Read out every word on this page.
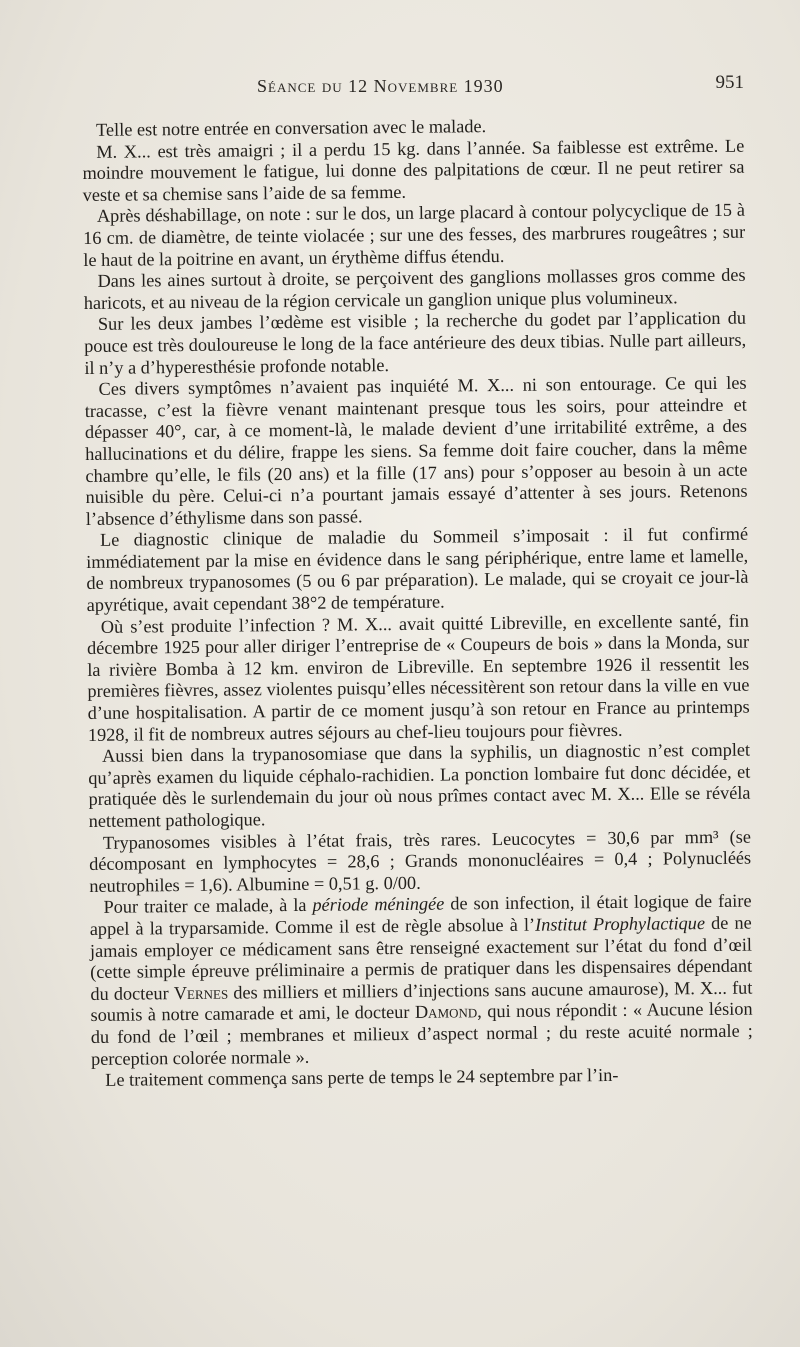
Séance du 12 Novembre 1930	951

Telle est notre entrée en conversation avec le malade.

M. X... est très amaigri ; il a perdu 15 kg. dans l’année. Sa faiblesse est extrême. Le moindre mouvement le fatigue, lui donne des palpitations de cœur. Il ne peut retirer sa veste et sa chemise sans l’aide de sa femme.

Après déshabillage, on note : sur le dos, un large placard à contour polycyclique de 15 à 16 cm. de diamètre, de teinte violacée ; sur une des fesses, des marbrures rougeâtres ; sur le haut de la poitrine en avant, un érythème diffus étendu.

Dans les aines surtout à droite, se perçoivent des ganglions mollasses gros comme des haricots, et au niveau de la région cervicale un ganglion unique plus volumineux.

Sur les deux jambes l’œdème est visible ; la recherche du godet par l’application du pouce est très douloureuse le long de la face antérieure des deux tibias. Nulle part ailleurs, il n’y a d’hyperesthésie profonde notable.

Ces divers symptômes n’avaient pas inquiété M. X... ni son entourage. Ce qui les tracasse, c’est la fièvre venant maintenant presque tous les soirs, pour atteindre et dépasser 40°, car, à ce moment-là, le malade devient d’une irritabilité extrême, a des hallucinations et du délire, frappe les siens. Sa femme doit faire coucher, dans la même chambre qu’elle, le fils (20 ans) et la fille (17 ans) pour s’opposer au besoin à un acte nuisible du père. Celui-ci n’a pourtant jamais essayé d’attenter à ses jours. Retenons l’absence d’éthylisme dans son passé.

Le diagnostic clinique de maladie du Sommeil s’imposait : il fut confirmé immédiatement par la mise en évidence dans le sang périphérique, entre lame et lamelle, de nombreux trypanosomes (5 ou 6 par préparation). Le malade, qui se croyait ce jour-là apyrétique, avait cependant 38°2 de température.

Où s’est produite l’infection ? M. X... avait quitté Libreville, en excellente santé, fin décembre 1925 pour aller diriger l’entreprise de « Coupeurs de bois » dans la Monda, sur la rivière Bomba à 12 km. environ de Libreville. En septembre 1926 il ressentit les premières fièvres, assez violentes puisqu’elles nécessitèrent son retour dans la ville en vue d’une hospitalisation. A partir de ce moment jusqu’à son retour en France au printemps 1928, il fit de nombreux autres séjours au chef-lieu toujours pour fièvres.

Aussi bien dans la trypanosomiase que dans la syphilis, un diagnostic n’est complet qu’après examen du liquide céphalo-rachidien. La ponction lombaire fut donc décidée, et pratiquée dès le surlendemain du jour où nous prîmes contact avec M. X... Elle se révéla nettement pathologique.

Trypanosomes visibles à l’état frais, très rares. Leucocytes = 30,6 par mm³ (se décomposant en lymphocytes = 28,6 ; Grands mononucléaires = 0,4 ; Polynucléés neutrophiles = 1,6). Albumine = 0,51 g. 0/00.

Pour traiter ce malade, à la période méningée de son infection, il était logique de faire appel à la tryparsamide. Comme il est de règle absolue à l’Institut Prophylactique de ne jamais employer ce médicament sans être renseigné exactement sur l’état du fond d’œil (cette simple épreuve préliminaire a permis de pratiquer dans les dispensaires dépendant du docteur Vernes des milliers et milliers d’injections sans aucune amaurose), M. X... fut soumis à notre camarade et ami, le docteur Damond, qui nous répondit : « Aucune lésion du fond de l’œil ; membranes et milieux d’aspect normal ; du reste acuité normale ; perception colorée normale ».

Le traitement commença sans perte de temps le 24 septembre par l’in-
